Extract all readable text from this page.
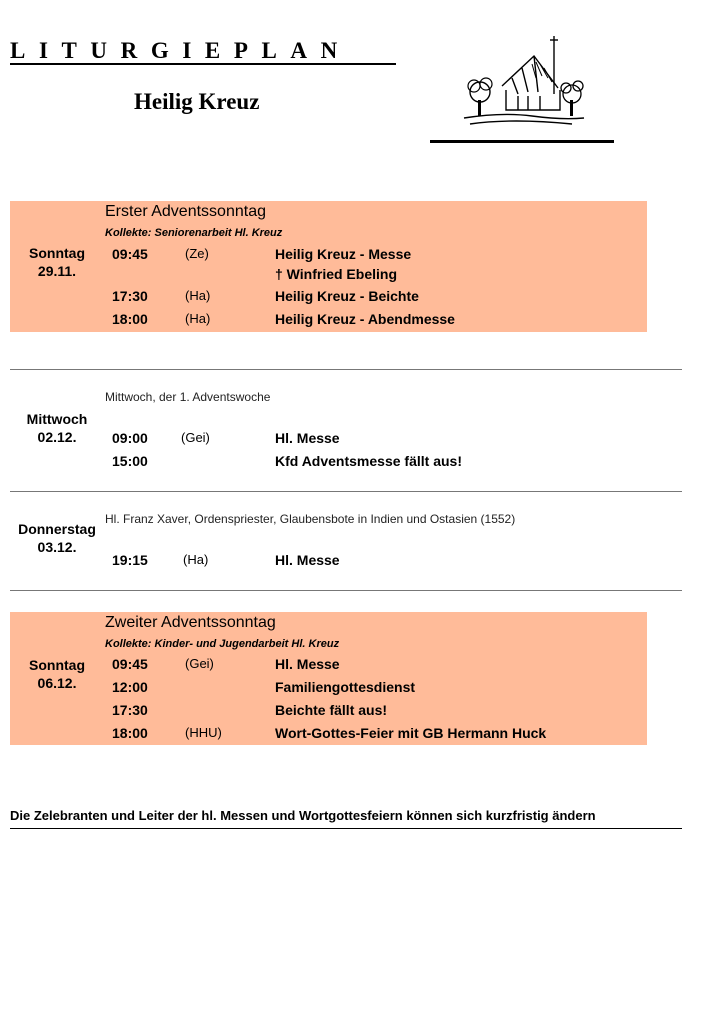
LITURGIEPLAN
Heilig Kreuz
Sonntag
29.11.
Erster Adventssonntag
Kollekte: Seniorenarbeit Hl. Kreuz
09:45	(Ze)	Heilig Kreuz - Messe
† Winfried Ebeling
17:30	(Ha)	Heilig Kreuz - Beichte
18:00	(Ha)	Heilig Kreuz - Abendmesse
Mittwoch
02.12.
Mittwoch, der 1. Adventswoche
09:00	(Gei)	Hl. Messe
15:00	Kfd Adventsmesse fällt aus!
Donnerstag
03.12.
Hl. Franz Xaver, Ordenspriester, Glaubensbote in Indien und Ostasien (1552)
19:15	(Ha)	Hl. Messe
Sonntag
06.12.
Zweiter Adventssonntag
Kollekte: Kinder- und Jugendarbeit Hl. Kreuz
09:45	(Gei)	Hl. Messe
12:00	Familiengottesdienst
17:30	Beichte fällt aus!
18:00	(HHU)	Wort-Gottes-Feier mit GB Hermann Huck
Die Zelebranten und Leiter der hl. Messen und Wortgottesfeiern können sich kurzfristig ändern
